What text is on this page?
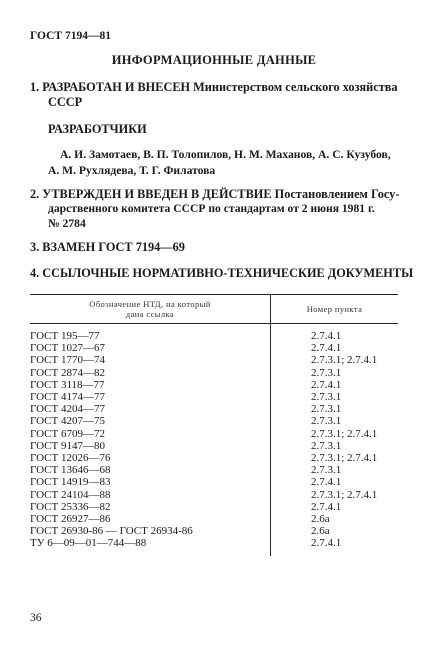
ГОСТ 7194—81
ИНФОРМАЦИОННЫЕ ДАННЫЕ
1. РАЗРАБОТАН И ВНЕСЕН Министерством сельского хозяйства
СССР
РАЗРАБОТЧИКИ
А. И. Замотаев, В. П. Толопилов, Н. М. Маханов, А. С. Кузубов,
А. М. Рухлядева, Т. Г. Филатова
2. УТВЕРЖДЕН И ВВЕДЕН В ДЕЙСТВИЕ Постановлением Госу-
дарственного комитета СССР по стандартам от 2 июня 1981 г.
№ 2784
3. ВЗАМЕН ГОСТ 7194—69
4. ССЫЛОЧНЫЕ НОРМАТИВНО-ТЕХНИЧЕСКИЕ ДОКУМЕНТЫ
Обозначение НТД, на который
дана ссылка	Номер пункта
ГОСТ 195—77	2.7.4.1
ГОСТ 1027—67	2.7.4.1
ГОСТ 1770—74	2.7.3.1; 2.7.4.1
ГОСТ 2874—82	2.7.3.1
ГОСТ 3118—77	2.7.4.1
ГОСТ 4174—77	2.7.3.1
ГОСТ 4204—77	2.7.3.1
ГОСТ 4207—75	2.7.3.1
ГОСТ 6709—72	2.7.3.1; 2.7.4.1
ГОСТ 9147—80	2.7.3.1
ГОСТ 12026—76	2.7.3.1; 2.7.4.1
ГОСТ 13646—68	2.7.3.1
ГОСТ 14919—83	2.7.4.1
ГОСТ 24104—88	2.7.3.1; 2.7.4.1
ГОСТ 25336—82	2.7.4.1
ГОСТ 26927—86	2.6а
ГОСТ 26930-86 — ГОСТ 26934-86	2.6а
ТУ 6—09—01—744—88	2.7.4.1
36
